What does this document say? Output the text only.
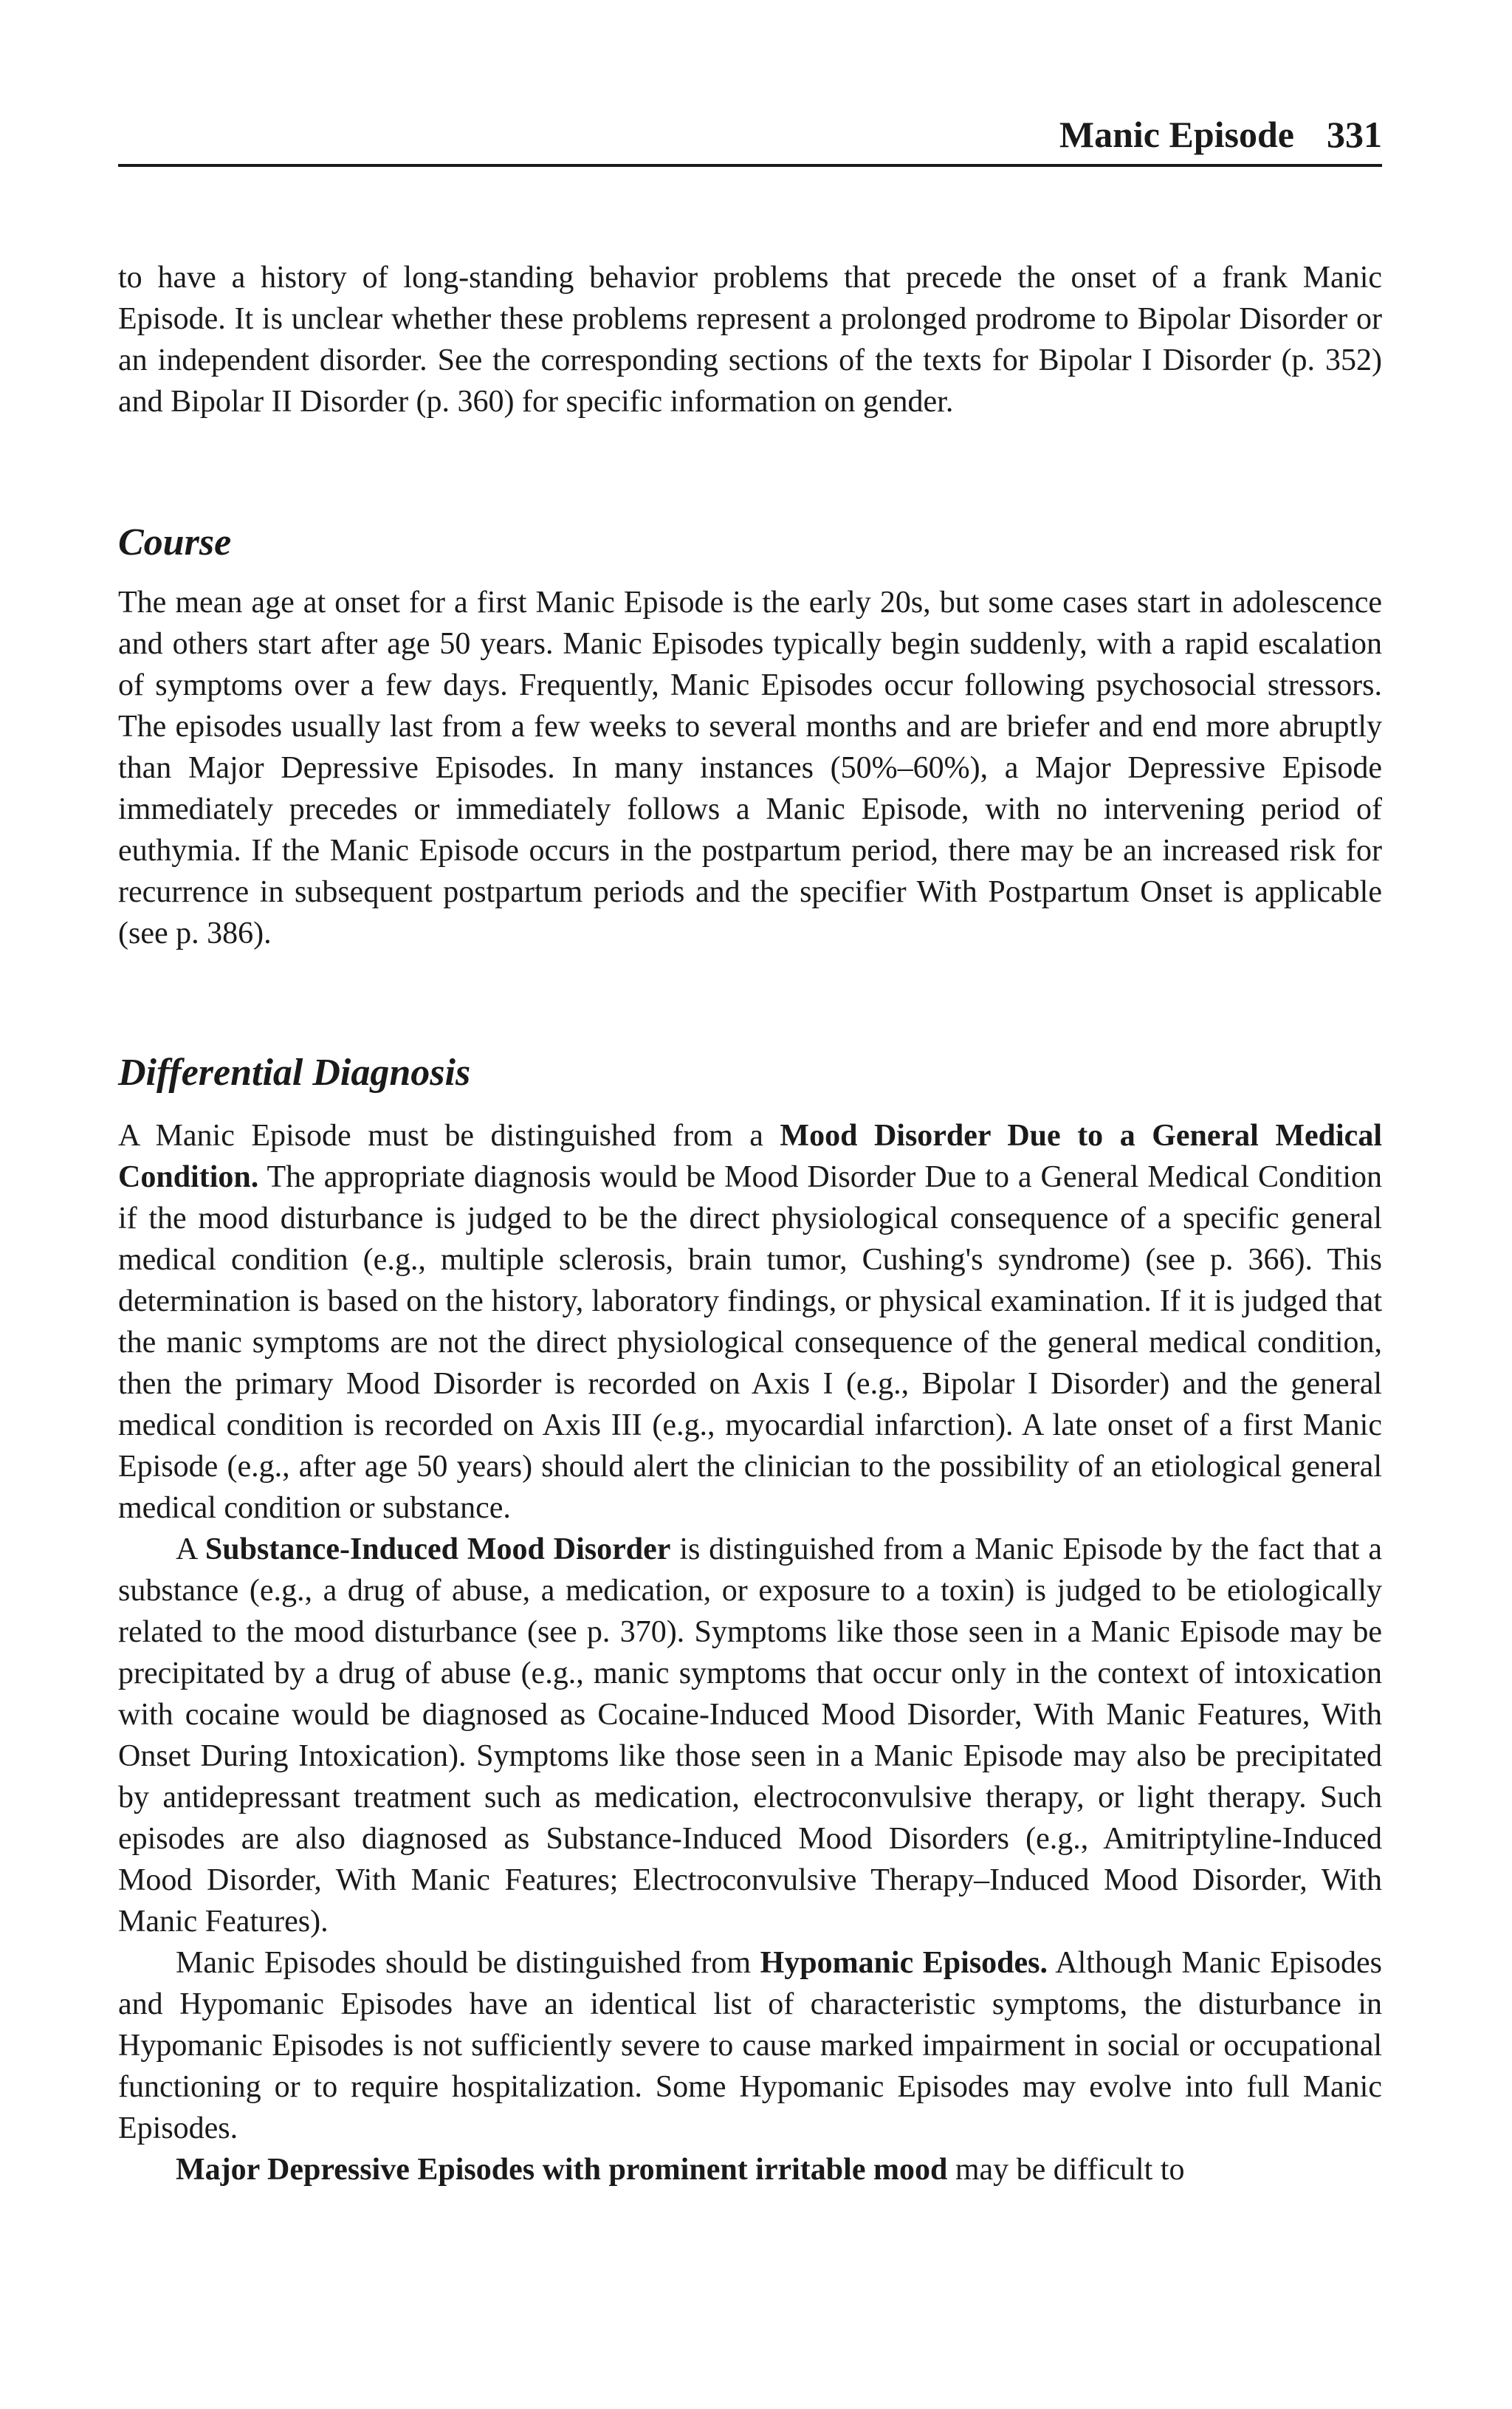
Manic Episode 331

to have a history of long-standing behavior problems that precede the onset of a frank Manic Episode. It is unclear whether these problems represent a prolonged prodrome to Bipolar Disorder or an independent disorder. See the corresponding sections of the texts for Bipolar I Disorder (p. 352) and Bipolar II Disorder (p. 360) for specific information on gender.

Course

The mean age at onset for a first Manic Episode is the early 20s, but some cases start in adolescence and others start after age 50 years. Manic Episodes typically begin suddenly, with a rapid escalation of symptoms over a few days. Frequently, Manic Episodes occur following psychosocial stressors. The episodes usually last from a few weeks to several months and are briefer and end more abruptly than Major Depressive Episodes. In many instances (50%–60%), a Major Depressive Episode immediately precedes or immediately follows a Manic Episode, with no intervening period of euthymia. If the Manic Episode occurs in the postpartum period, there may be an increased risk for recurrence in subsequent postpartum periods and the specifier With Postpartum Onset is applicable (see p. 386).

Differential Diagnosis

A Manic Episode must be distinguished from a Mood Disorder Due to a General Medical Condition. The appropriate diagnosis would be Mood Disorder Due to a General Medical Condition if the mood disturbance is judged to be the direct physiological consequence of a specific general medical condition (e.g., multiple sclerosis, brain tumor, Cushing's syndrome) (see p. 366). This determination is based on the history, laboratory findings, or physical examination. If it is judged that the manic symptoms are not the direct physiological consequence of the general medical condition, then the primary Mood Disorder is recorded on Axis I (e.g., Bipolar I Disorder) and the general medical condition is recorded on Axis III (e.g., myocardial infarction). A late onset of a first Manic Episode (e.g., after age 50 years) should alert the clinician to the possibility of an etiological general medical condition or substance.

A Substance-Induced Mood Disorder is distinguished from a Manic Episode by the fact that a substance (e.g., a drug of abuse, a medication, or exposure to a toxin) is judged to be etiologically related to the mood disturbance (see p. 370). Symptoms like those seen in a Manic Episode may be precipitated by a drug of abuse (e.g., manic symptoms that occur only in the context of intoxication with cocaine would be diagnosed as Cocaine-Induced Mood Disorder, With Manic Features, With Onset During Intoxication). Symptoms like those seen in a Manic Episode may also be precipitated by antidepressant treatment such as medication, electroconvulsive therapy, or light therapy. Such episodes are also diagnosed as Substance-Induced Mood Disorders (e.g., Amitriptyline-Induced Mood Disorder, With Manic Features; Electroconvulsive Therapy–Induced Mood Disorder, With Manic Features).

Manic Episodes should be distinguished from Hypomanic Episodes. Although Manic Episodes and Hypomanic Episodes have an identical list of characteristic symptoms, the disturbance in Hypomanic Episodes is not sufficiently severe to cause marked impairment in social or occupational functioning or to require hospitalization. Some Hypomanic Episodes may evolve into full Manic Episodes.

Major Depressive Episodes with prominent irritable mood may be difficult to
